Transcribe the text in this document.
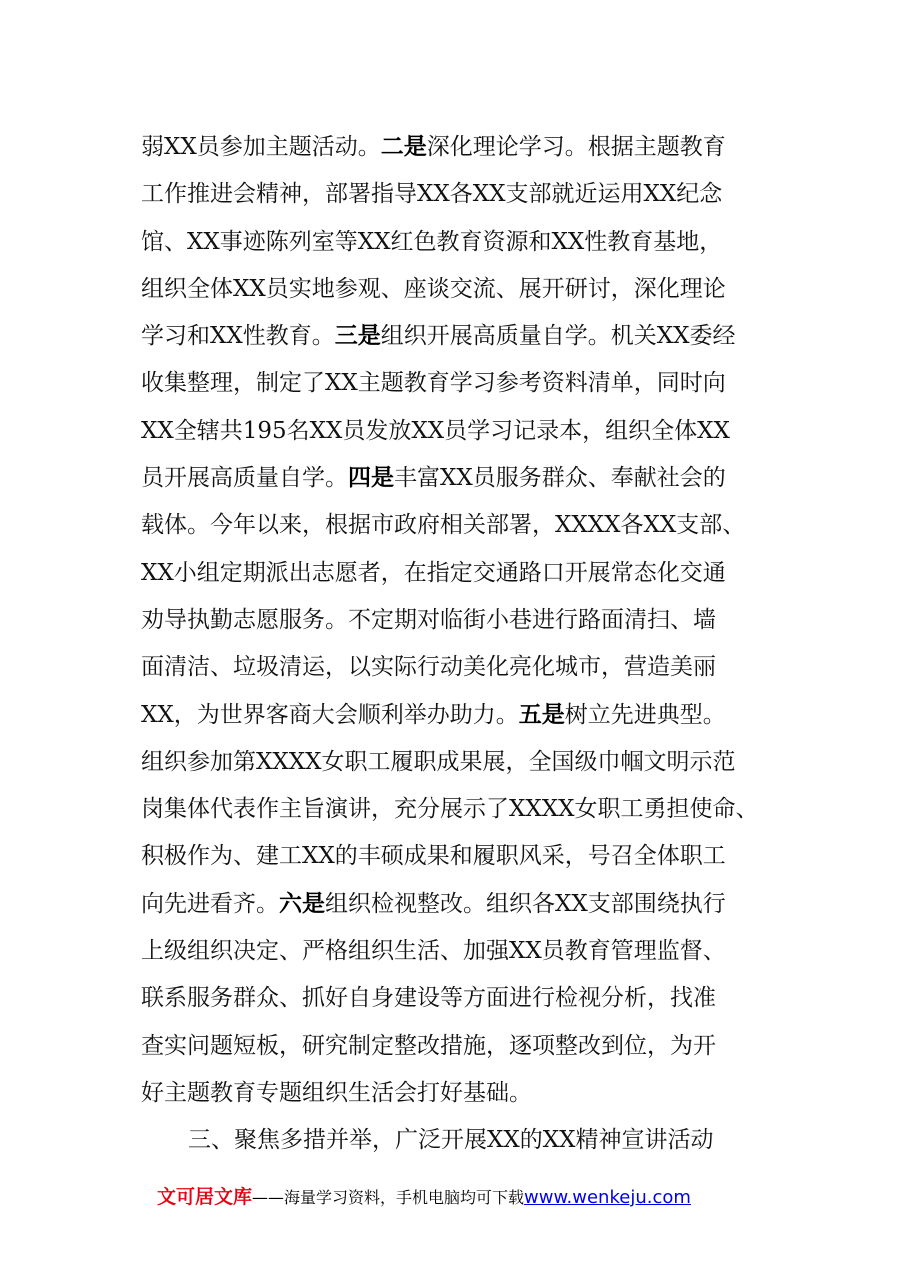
弱XX员参加主题活动。二是深化理论学习。根据主题教育
工作推进会精神，部署指导XX各XX支部就近运用XX纪念
馆、XX事迹陈列室等XX红色教育资源和XX性教育基地，
组织全体XX员实地参观、座谈交流、展开研讨，深化理论
学习和XX性教育。三是组织开展高质量自学。机关XX委经
收集整理，制定了XX主题教育学习参考资料清单，同时向
XX全辖共195名XX员发放XX员学习记录本，组织全体XX
员开展高质量自学。四是丰富XX员服务群众、奉献社会的
载体。今年以来，根据市政府相关部署，XXXX各XX支部、
XX小组定期派出志愿者，在指定交通路口开展常态化交通
劝导执勤志愿服务。不定期对临街小巷进行路面清扫、墙
面清洁、垃圾清运，以实际行动美化亮化城市，营造美丽
XX，为世界客商大会顺利举办助力。五是树立先进典型。
组织参加第XXXX女职工履职成果展，全国级巾帼文明示范
岗集体代表作主旨演讲，充分展示了XXXX女职工勇担使命、
积极作为、建工XX的丰硕成果和履职风采，号召全体职工
向先进看齐。六是组织检视整改。组织各XX支部围绕执行
上级组织决定、严格组织生活、加强XX员教育管理监督、
联系服务群众、抓好自身建设等方面进行检视分析，找准
查实问题短板，研究制定整改措施，逐项整改到位，为开
好主题教育专题组织生活会打好基础。
三、聚焦多措并举，广泛开展XX的XX精神宣讲活动
文可居文库——海量学习资料，手机电脑均可下载www.wenkeju.com
